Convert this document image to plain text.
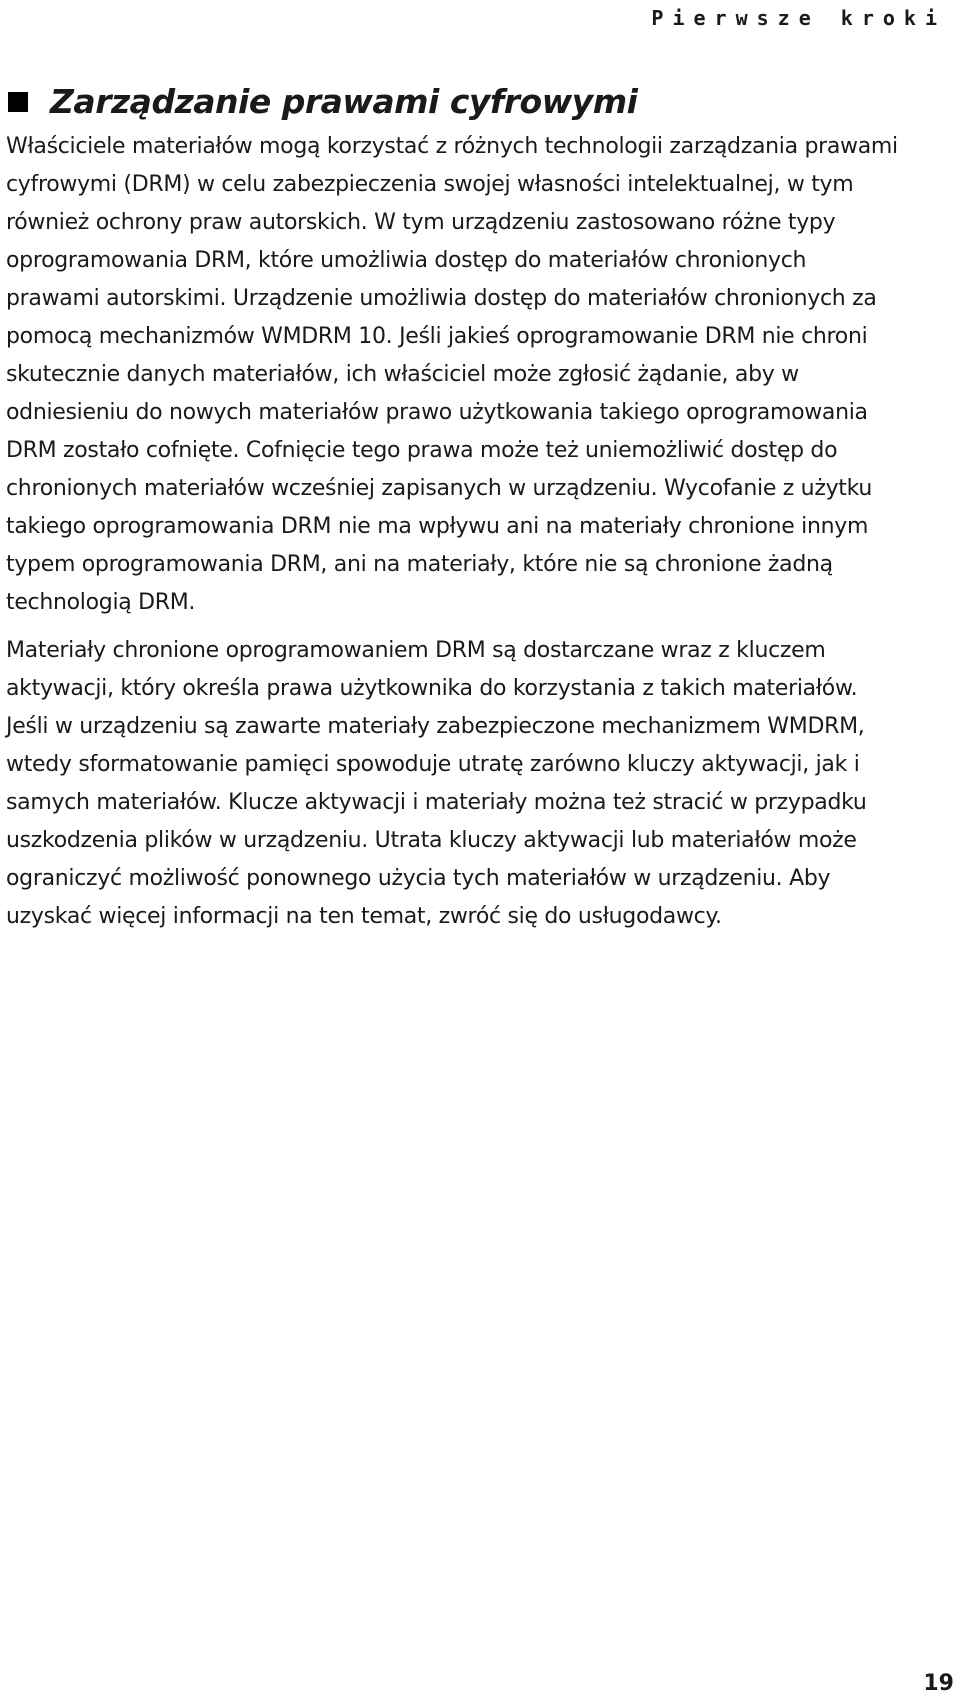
Pierwsze kroki
Zarządzanie prawami cyfrowymi

Właściciele materiałów mogą korzystać z różnych technologii zarządzania prawami cyfrowymi (DRM) w celu zabezpieczenia swojej własności intelektualnej, w tym również ochrony praw autorskich. W tym urządzeniu zastosowano różne typy oprogramowania DRM, które umożliwia dostęp do materiałów chronionych prawami autorskimi. Urządzenie umożliwia dostęp do materiałów chronionych za pomocą mechanizmów WMDRM 10. Jeśli jakieś oprogramowanie DRM nie chroni skutecznie danych materiałów, ich właściciel może zgłosić żądanie, aby w odniesieniu do nowych materiałów prawo użytkowania takiego oprogramowania DRM zostało cofnięte. Cofnięcie tego prawa może też uniemożliwić dostęp do chronionych materiałów wcześniej zapisanych w urządzeniu. Wycofanie z użytku takiego oprogramowania DRM nie ma wpływu ani na materiały chronione innym typem oprogramowania DRM, ani na materiały, które nie są chronione żadną technologią DRM.

Materiały chronione oprogramowaniem DRM są dostarczane wraz z kluczem aktywacji, który określa prawa użytkownika do korzystania z takich materiałów. Jeśli w urządzeniu są zawarte materiały zabezpieczone mechanizmem WMDRM, wtedy sformatowanie pamięci spowoduje utratę zarówno kluczy aktywacji, jak i samych materiałów. Klucze aktywacji i materiały można też stracić w przypadku uszkodzenia plików w urządzeniu. Utrata kluczy aktywacji lub materiałów może ograniczyć możliwość ponownego użycia tych materiałów w urządzeniu. Aby uzyskać więcej informacji na ten temat, zwróć się do usługodawcy.

19
